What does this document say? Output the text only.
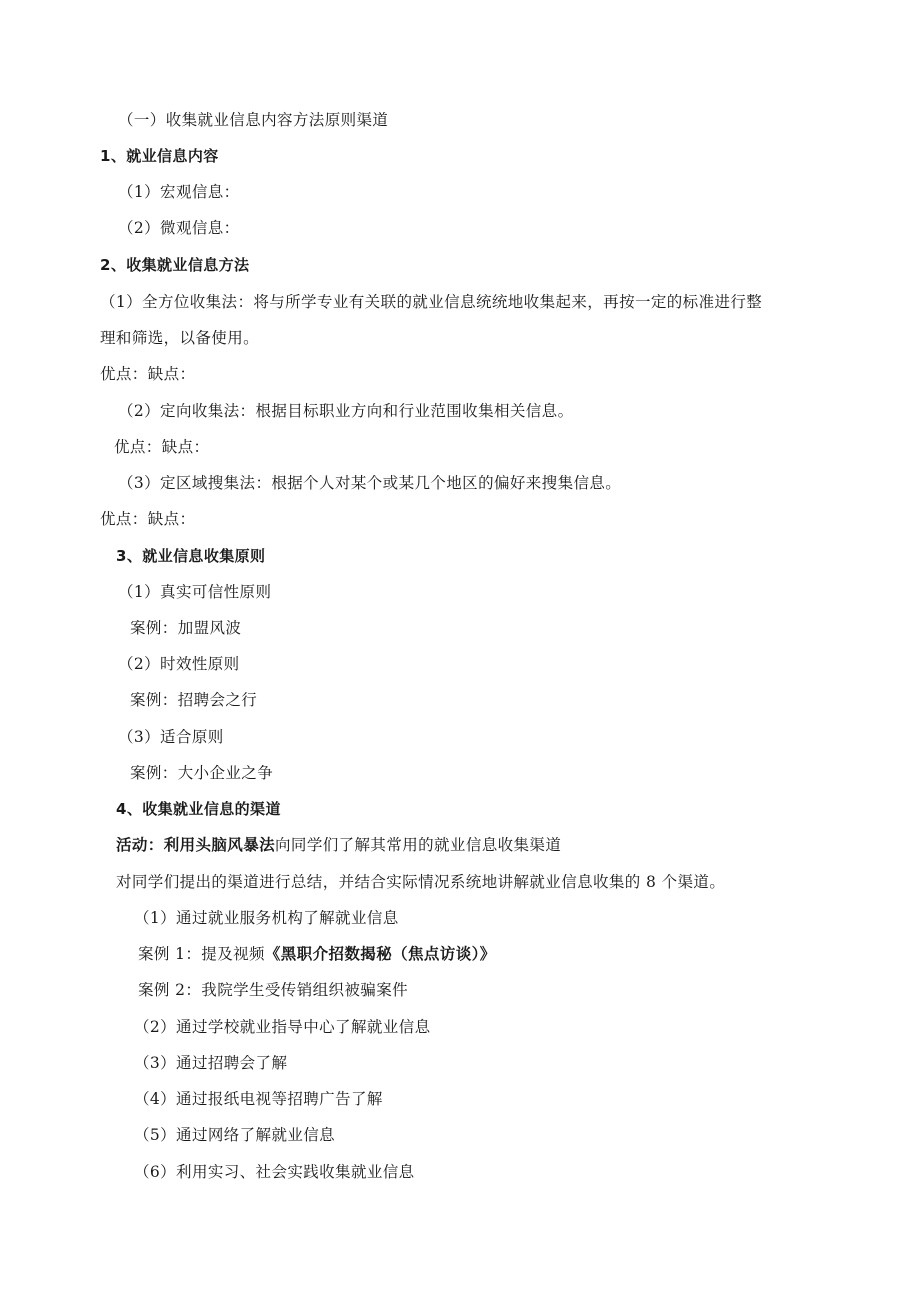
（一）收集就业信息内容方法原则渠道
1、就业信息内容
（1）宏观信息：
（2）微观信息：
2、收集就业信息方法
（1）全方位收集法：将与所学专业有关联的就业信息统统地收集起来，再按一定的标准进行整
理和筛选，以备使用。
优点：缺点：
（2）定向收集法：根据目标职业方向和行业范围收集相关信息。
优点：缺点：
（3）定区域搜集法：根据个人对某个或某几个地区的偏好来搜集信息。
优点：缺点：
3、就业信息收集原则
（1）真实可信性原则
案例：加盟风波
（2）时效性原则
案例：招聘会之行
（3）适合原则
案例：大小企业之争
4、收集就业信息的渠道
活动：利用头脑风暴法向同学们了解其常用的就业信息收集渠道
对同学们提出的渠道进行总结，并结合实际情况系统地讲解就业信息收集的 8 个渠道。
（1）通过就业服务机构了解就业信息
案例 1：提及视频《黑职介招数揭秘（焦点访谈）》
案例 2：我院学生受传销组织被骗案件
（2）通过学校就业指导中心了解就业信息
（3）通过招聘会了解
（4）通过报纸电视等招聘广告了解
（5）通过网络了解就业信息
（6）利用实习、社会实践收集就业信息
